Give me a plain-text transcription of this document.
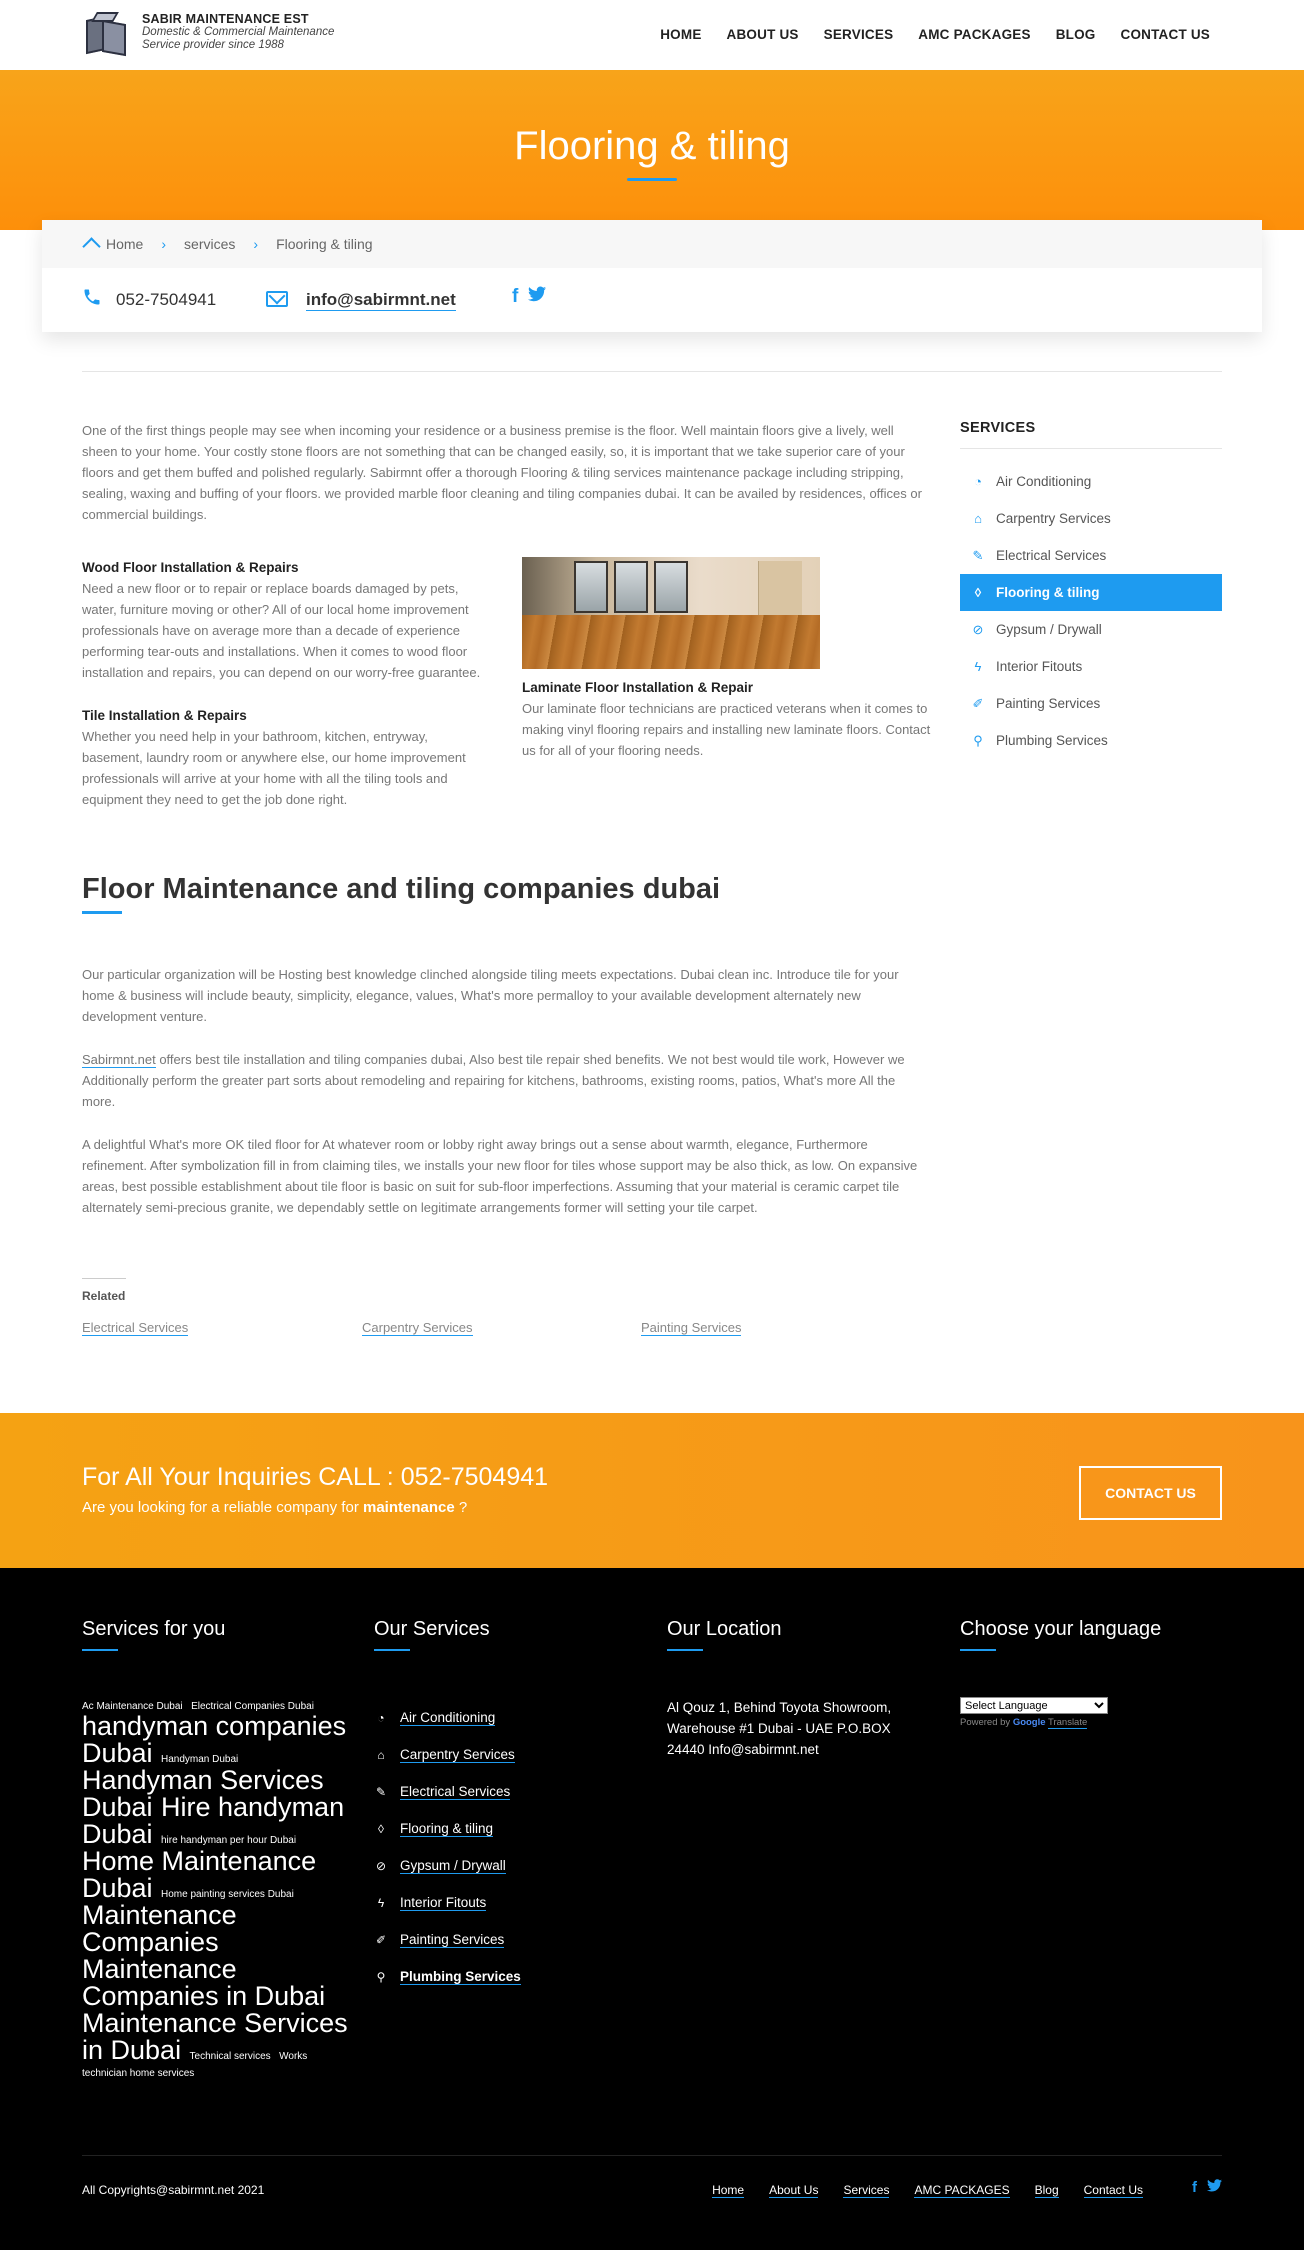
SABIR MAINTENANCE EST
Domestic & Commercial Maintenance
Service provider since 1988
HOME ABOUT US SERVICES AMC PACKAGES BLOG CONTACT US
Flooring & tiling
Home › services › Flooring & tiling
052-7504941	info@sabirmnt.net	f

One of the first things people may see when incoming your residence or a business premise is the floor. Well maintain floors give a lively, well sheen to your home. Your costly stone floors are not something that can be changed easily, so, it is important that we take superior care of your floors and get them buffed and polished regularly. Sabirmnt offer a thorough Flooring & tiling services maintenance package including stripping, sealing, waxing and buffing of your floors. we provided marble floor cleaning and tiling companies dubai. It can be availed by residences, offices or commercial buildings.

Wood Floor Installation & Repairs

Need a new floor or to repair or replace boards damaged by pets, water, furniture moving or other? All of our local home improvement professionals have on average more than a decade of experience performing tear-outs and installations. When it comes to wood floor installation and repairs, you can depend on our worry-free guarantee.

Tile Installation & Repairs

Whether you need help in your bathroom, kitchen, entryway, basement, laundry room or anywhere else, our home improvement professionals will arrive at your home with all the tiling tools and equipment they need to get the job done right.

Laminate Floor Installation & Repair

Our laminate floor technicians are practiced veterans when it comes to making vinyl flooring repairs and installing new laminate floors. Contact us for all of your flooring needs.

Floor Maintenance and tiling companies dubai

Our particular organization will be Hosting best knowledge clinched alongside tiling meets expectations. Dubai clean inc. Introduce tile for your home & business will include beauty, simplicity, elegance, values, What's more permalloy to your available development alternately new development venture.

Sabirmnt.net offers best tile installation and tiling companies dubai, Also best tile repair shed benefits. We not best would tile work, However we Additionally perform the greater part sorts about remodeling and repairing for kitchens, bathrooms, existing rooms, patios, What's more All the more.

A delightful What's more OK tiled floor for At whatever room or lobby right away brings out a sense about warmth, elegance, Furthermore refinement. After symbolization fill in from claiming tiles, we installs your new floor for tiles whose support may be also thick, as low. On expansive areas, best possible establishment about tile floor is basic on suit for sub-floor imperfections. Assuming that your material is ceramic carpet tile alternately semi-precious granite, we dependably settle on legitimate arrangements former will setting your tile carpet.

Related
Electrical Services	Carpentry Services	Painting Services
SERVICES
◔	Air Conditioning
⌂	Carpentry Services
✎ Electrical Services
◊	Flooring & tiling
⊘ Gypsum / Drywall
ϟ	Interior Fitouts
✐ Painting Services
⚲ Plumbing Services
For All Your Inquiries CALL : 052-7504941

Are you looking for a reliable company for maintenance ?

CONTACT US
Services for you
Ac Maintenance Dubai Electrical Companies Dubai handyman companies Dubai Handyman Dubai Handyman Services Dubai Hire handyman Dubai hire handyman per hour Dubai Home Maintenance Dubai Home painting services Dubai Maintenance Companies Maintenance Companies in Dubai Maintenance Services in Dubai Technical services Works technician home services
Our Services
◔ Air Conditioning
⌂ Carpentry Services
✎ Electrical Services
◊ Flooring & tiling
⊘ Gypsum / Drywall
ϟ Interior Fitouts
✐ Painting Services
⚲ Plumbing Services
Our Location

Al Qouz 1, Behind Toyota Showroom, Warehouse #1 Dubai - UAE P.O.BOX 24440 Info@sabirmnt.net

Choose your language
Select Language
Powered by Google Translate
All Copyrights@sabirmnt.net 2021	Home About Us Services AMC PACKAGES Blog Contact Us	f
